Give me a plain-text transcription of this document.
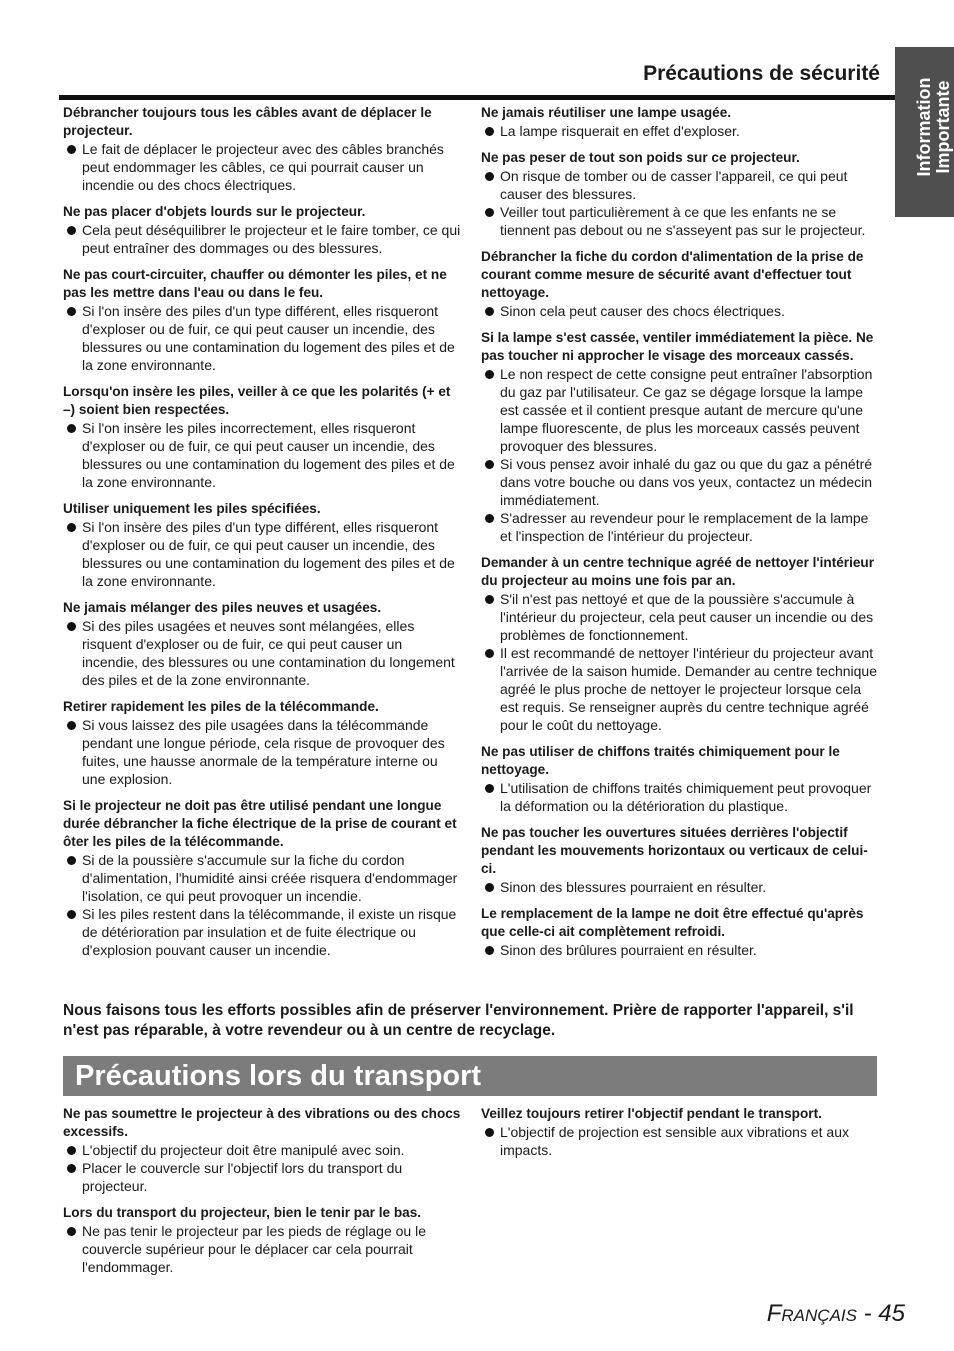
Précautions de sécurité
Information Importante
Débrancher toujours tous les câbles avant de déplacer le projecteur.
Le fait de déplacer le projecteur avec des câbles branchés peut endommager les câbles, ce qui pourrait causer un incendie ou des chocs électriques.
Ne pas placer d'objets lourds sur le projecteur.
Cela peut déséquilibrer le projecteur et le faire tomber, ce qui peut entraîner des dommages ou des blessures.
Ne pas court-circuiter, chauffer ou démonter les piles, et ne pas les mettre dans l'eau ou dans le feu.
Si l'on insère des piles d'un type différent, elles risqueront d'exploser ou de fuir, ce qui peut causer un incendie, des blessures ou une contamination du logement des piles et de la zone environnante.
Lorsqu'on insère les piles, veiller à ce que les polarités (+ et –) soient bien respectées.
Si l'on insère les piles incorrectement, elles risqueront d'exploser ou de fuir, ce qui peut causer un incendie, des blessures ou une contamination du logement des piles et de la zone environnante.
Utiliser uniquement les piles spécifiées.
Si l'on insère des piles d'un type différent, elles risqueront d'exploser ou de fuir, ce qui peut causer un incendie, des blessures ou une contamination du logement des piles et de la zone environnante.
Ne jamais mélanger des piles neuves et usagées.
Si des piles usagées et neuves sont mélangées, elles risquent d'exploser ou de fuir, ce qui peut causer un incendie, des blessures ou une contamination du longement des piles et de la zone environnante.
Retirer rapidement les piles de la télécommande.
Si vous laissez des pile usagées dans la télécommande pendant une longue période, cela risque de provoquer des fuites, une hausse anormale de la température interne ou une explosion.
Si le projecteur ne doit pas être utilisé pendant une longue durée débrancher la fiche électrique de la prise de courant et ôter les piles de la télécommande.
Si de la poussière s'accumule sur la fiche du cordon d'alimentation, l'humidité ainsi créée risquera d'endommager l'isolation, ce qui peut provoquer un incendie.
Si les piles restent dans la télécommande, il existe un risque de détérioration par insulation et de fuite électrique ou d'explosion pouvant causer un incendie.
Ne jamais réutiliser une lampe usagée.
La lampe risquerait en effet d'exploser.
Ne pas peser de tout son poids sur ce projecteur.
On risque de tomber ou de casser l'appareil, ce qui peut causer des blessures.
Veiller tout particulièrement à ce que les enfants ne se tiennent pas debout ou ne s'asseyent pas sur le projecteur.
Débrancher la fiche du cordon d'alimentation de la prise de courant comme mesure de sécurité avant d'effectuer tout nettoyage.
Sinon cela peut causer des chocs électriques.
Si la lampe s'est cassée, ventiler immédiatement la pièce. Ne pas toucher ni approcher le visage des morceaux cassés.
Le non respect de cette consigne peut entraîner l'absorption du gaz par l'utilisateur. Ce gaz se dégage lorsque la lampe est cassée et il contient presque autant de mercure qu'une lampe fluorescente, de plus les morceaux cassés peuvent provoquer des blessures.
Si vous pensez avoir inhalé du gaz ou que du gaz a pénétré dans votre bouche ou dans vos yeux, contactez un médecin immédiatement.
S'adresser au revendeur pour le remplacement de la lampe et l'inspection de l'intérieur du projecteur.
Demander à un centre technique agréé de nettoyer l'intérieur du projecteur au moins une fois par an.
S'il n'est pas nettoyé et que de la poussière s'accumule à l'intérieur du projecteur, cela peut causer un incendie ou des problèmes de fonctionnement.
Il est recommandé de nettoyer l'intérieur du projecteur avant l'arrivée de la saison humide. Demander au centre technique agréé le plus proche de nettoyer le projecteur lorsque cela est requis. Se renseigner auprès du centre technique agréé pour le coût du nettoyage.
Ne pas utiliser de chiffons traités chimiquement pour le nettoyage.
L'utilisation de chiffons traités chimiquement peut provoquer la déformation ou la détérioration du plastique.
Ne pas toucher les ouvertures situées derrières l'objectif pendant les mouvements horizontaux ou verticaux de celui-ci.
Sinon des blessures pourraient en résulter.
Le remplacement de la lampe ne doit être effectué qu'après que celle-ci ait complètement refroidi.
Sinon des brûlures pourraient en résulter.
Nous faisons tous les efforts possibles afin de préserver l'environnement. Prière de rapporter l'appareil, s'il n'est pas réparable, à votre revendeur ou à un centre de recyclage.
Précautions lors du transport
Ne pas soumettre le projecteur à des vibrations ou des chocs excessifs.
L'objectif du projecteur doit être manipulé avec soin.
Placer le couvercle sur l'objectif lors du transport du projecteur.
Lors du transport du projecteur, bien le tenir par le bas.
Ne pas tenir le projecteur par les pieds de réglage ou le couvercle supérieur pour le déplacer car cela pourrait l'endommager.
Veillez toujours retirer l'objectif pendant le transport.
L'objectif de projection est sensible aux vibrations et aux impacts.
Français - 45
